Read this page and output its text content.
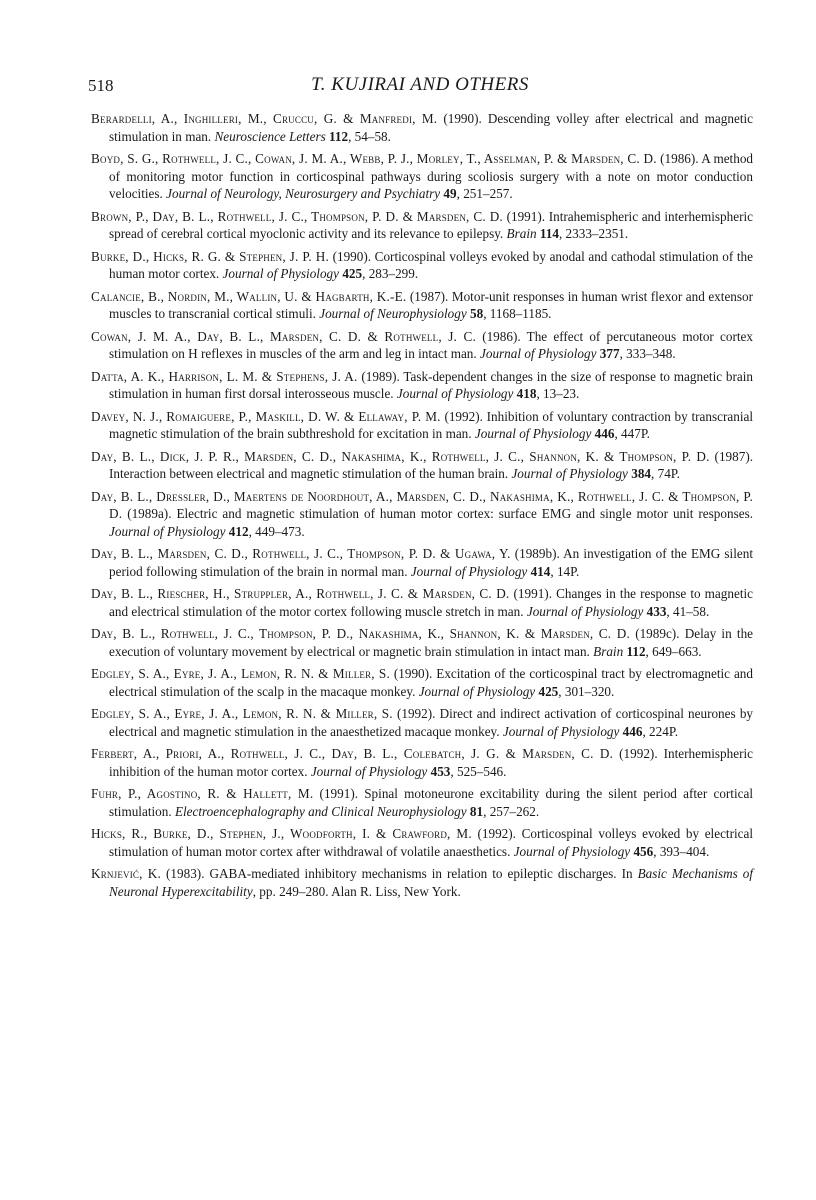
518	T. KUJIRAI AND OTHERS

Berardelli, A., Inghilleri, M., Cruccu, G. & Manfredi, M. (1990). Descending volley after electrical and magnetic stimulation in man. Neuroscience Letters 112, 54–58.

Boyd, S. G., Rothwell, J. C., Cowan, J. M. A., Webb, P. J., Morley, T., Asselman, P. & Marsden, C. D. (1986). A method of monitoring motor function in corticospinal pathways during scoliosis surgery with a note on motor conduction velocities. Journal of Neurology, Neurosurgery and Psychiatry 49, 251–257.

Brown, P., Day, B. L., Rothwell, J. C., Thompson, P. D. & Marsden, C. D. (1991). Intrahemispheric and interhemispheric spread of cerebral cortical myoclonic activity and its relevance to epilepsy. Brain 114, 2333–2351.

Burke, D., Hicks, R. G. & Stephen, J. P. H. (1990). Corticospinal volleys evoked by anodal and cathodal stimulation of the human motor cortex. Journal of Physiology 425, 283–299.

Calancie, B., Nordin, M., Wallin, U. & Hagbarth, K.-E. (1987). Motor-unit responses in human wrist flexor and extensor muscles to transcranial cortical stimuli. Journal of Neurophysiology 58, 1168–1185.

Cowan, J. M. A., Day, B. L., Marsden, C. D. & Rothwell, J. C. (1986). The effect of percutaneous motor cortex stimulation on H reflexes in muscles of the arm and leg in intact man. Journal of Physiology 377, 333–348.

Datta, A. K., Harrison, L. M. & Stephens, J. A. (1989). Task-dependent changes in the size of response to magnetic brain stimulation in human first dorsal interosseous muscle. Journal of Physiology 418, 13–23.

Davey, N. J., Romaiguere, P., Maskill, D. W. & Ellaway, P. M. (1992). Inhibition of voluntary contraction by transcranial magnetic stimulation of the brain subthreshold for excitation in man. Journal of Physiology 446, 447P.

Day, B. L., Dick, J. P. R., Marsden, C. D., Nakashima, K., Rothwell, J. C., Shannon, K. & Thompson, P. D. (1987). Interaction between electrical and magnetic stimulation of the human brain. Journal of Physiology 384, 74P.

Day, B. L., Dressler, D., Maertens de Noordhout, A., Marsden, C. D., Nakashima, K., Rothwell, J. C. & Thompson, P. D. (1989a). Electric and magnetic stimulation of human motor cortex: surface EMG and single motor unit responses. Journal of Physiology 412, 449–473.

Day, B. L., Marsden, C. D., Rothwell, J. C., Thompson, P. D. & Ugawa, Y. (1989b). An investigation of the EMG silent period following stimulation of the brain in normal man. Journal of Physiology 414, 14P.

Day, B. L., Riescher, H., Struppler, A., Rothwell, J. C. & Marsden, C. D. (1991). Changes in the response to magnetic and electrical stimulation of the motor cortex following muscle stretch in man. Journal of Physiology 433, 41–58.

Day, B. L., Rothwell, J. C., Thompson, P. D., Nakashima, K., Shannon, K. & Marsden, C. D. (1989c). Delay in the execution of voluntary movement by electrical or magnetic brain stimulation in intact man. Brain 112, 649–663.

Edgley, S. A., Eyre, J. A., Lemon, R. N. & Miller, S. (1990). Excitation of the corticospinal tract by electromagnetic and electrical stimulation of the scalp in the macaque monkey. Journal of Physiology 425, 301–320.

Edgley, S. A., Eyre, J. A., Lemon, R. N. & Miller, S. (1992). Direct and indirect activation of corticospinal neurones by electrical and magnetic stimulation in the anaesthetized macaque monkey. Journal of Physiology 446, 224P.

Ferbert, A., Priori, A., Rothwell, J. C., Day, B. L., Colebatch, J. G. & Marsden, C. D. (1992). Interhemispheric inhibition of the human motor cortex. Journal of Physiology 453, 525–546.

Fuhr, P., Agostino, R. & Hallett, M. (1991). Spinal motoneurone excitability during the silent period after cortical stimulation. Electroencephalography and Clinical Neurophysiology 81, 257–262.

Hicks, R., Burke, D., Stephen, J., Woodforth, I. & Crawford, M. (1992). Corticospinal volleys evoked by electrical stimulation of human motor cortex after withdrawal of volatile anaesthetics. Journal of Physiology 456, 393–404.

Krnjević, K. (1983). GABA-mediated inhibitory mechanisms in relation to epileptic discharges. In Basic Mechanisms of Neuronal Hyperexcitability, pp. 249–280. Alan R. Liss, New York.
